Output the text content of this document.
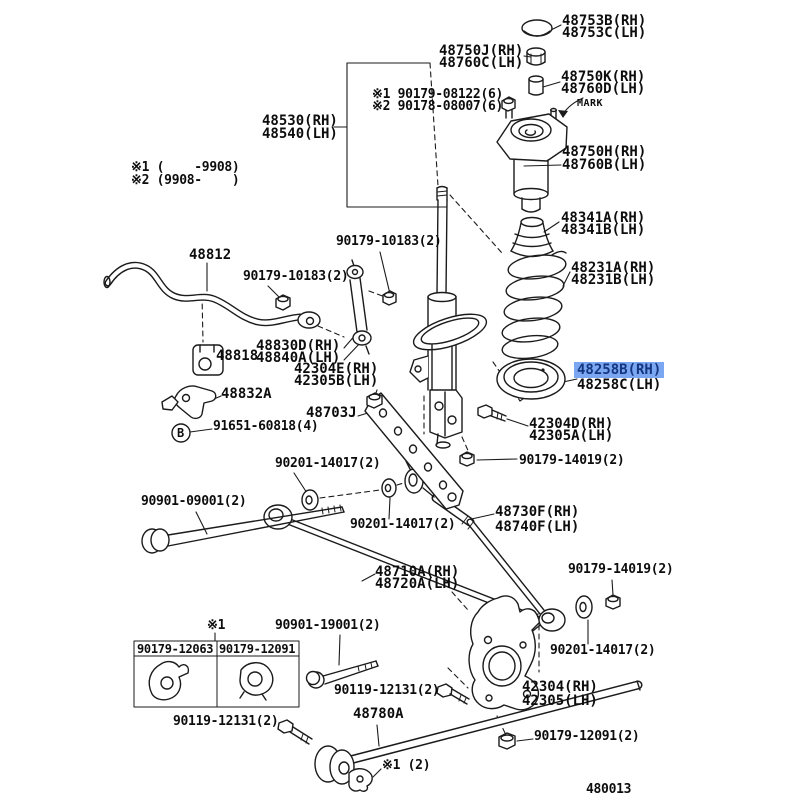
48753B(RH)
48753C(LH)
48750J(RH)
48760C(LH)
48750K(RH)
48760D(LH)
MARK
48750H(RH)
48760B(LH)
※1 90179-08122(6)
※2 90178-08007(6)
48530(RH)
48540(LH)
※1 (    -9908)
※2 (9908-    )
48812
90179-10183(2)
90179-10183(2)
48830D(RH)
48840A(LH)
48818
42304E(RH)
42305B(LH)
48832A
48703J
91651-60818(4)
B
48341A(RH)
48341B(LH)
48231A(RH)
48231B(LH)
48258B(RH)
48258C(LH)
42304D(RH)
42305A(LH)
90201-14017(2)	90179-14019(2)
90901-09001(2)
48730F(RH)
48740F(LH)
90201-14017(2)
90179-14019(2)
48710A(RH)
48720A(LH)
※1	90901-19001(2)
90201-14017(2)
42304(RH)
42305(LH)
90119-12131(2)
48780A
90119-12131(2)
90179-12091(2)
※1 (2)
480013
90179-12063 90179-12091
